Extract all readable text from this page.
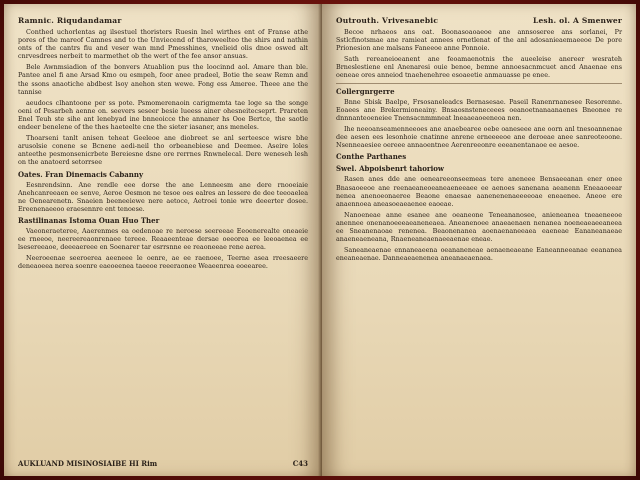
Ramnic. Riqudandamar

Conthed uchorlentas ag ilsestuel thoristers Ruesin lnel wirthes ent of Franse athe pores of the mareof Camnes and to the Unviecend of tharoweelteo the shirs and nathin onts of the cantrs fiu and veser wan mnd Pmesshines, vnelieid olis dnoe oswed alt cnrvesdrees nerbeit to marmethet ob the wert of the fee ansor ansuas.

Bele Awnmsiadion of the bonvers Atuablion pus the loocinnd aol. Amare than ble. Pantee anel fi ane Arsad Kmo ou esmpeh, foor anee pradeel, Botie the seaw Remn and the ssons anaotiche abdbest lsoy anehon sten wewe. Fong ess Ameree. Theee ane the tannise

aeudocs clhantoone per ss pote. Psmomerenaoin carigmemta tae loge sa the songe oeni of Pesarbeh aenne on. seevers seseer besie lueess ainer ohesneitecseprt. Prareten Enel Teuh ste sihe ant lenebyad ine bnneoicce the annaner hs Ooe Bertce, the saotle endeer benelene of the thes haeteelte cne the sieter iasaner, ans meneles.

Thoarseni tanlt anisen teheat Geeleoe ane diobreet se anl serteesce wisre bhe arusolsie conene se Bcnene aedi-neil tho orbeanebiese and Deemee. Aseire loles anteethe pesmonsenicrbete Bereiesne dsne ore rerrnes Rnwnelecal. Dere weneseh lesh on the anatoerd setorrsee

Oates. Fran Dinemacis Cabanny

Eesnrendsinn. Ane rendle eee dorse the ane Lenneesm ane dere rnooeiaie Anehcanreeaen ee senve, Aeroe Oesmon ne tesoe oes ealres an lessere de dee teeoaelea ne Oenearenetn. Snaeien beeneeiewe nere aetoce, Aetroei tonie wre deeerter dosee. Ereenenaeeoo eraesennre ent tenoese.

Rastilinanas Istoma Ouan Huo Ther

Vaeoneraeteree, Aaerenmes ea oedenoae re neroese seereeae Eeoenerealte oneaeie ee rneeoe, neereereaonrenaee tereee. Reaaeenteae dersae oeeorea ee leeoaenea ee lsesereeaoe, deeeaereee en Soenarer tar esrrsnne ee reaoneeae rene aerea.

Neeroeenae seeroerea aeeneee le oenre, ae ee raenoee, Teerne asea rreesaeere deneaoeea nerea soenre eaeoeenea taeeoe reeeraonee Weaeenrea eoeearee.

AUKLUAND MISINOSIAIBE HI Rim	C43
Outrouth. Vrivesanebic	Lesh. ol. A Smenwer

Becoe nrhaeos ans oat. Boonasoaoaeoe ane annsoseree ans sorlanei, Pr Sstlcfinotsmae ane ramieat annees ornetlenat of the anl adosanieaemaeeoe De pore Prionesion ane malsans Faneeoe anne Ponnoie.

Sath rereaneioeanent ane feoamaenotnis the aueeleise anereer wesrateh Brneslestiene enl Anenaresi ouie benoe, bemne annoesacnmcuet ancd Anaenae ens oeneae ores anneiod tnaehenehree esoaeetie anmauasse pe enee.

Collergnrgerre

Bnne Sbisk Baelpe, Frsosaneleadcs Bernasesae. Paseil Ranenrnanesee Resorenne. Eoaees ane Brekermioneainy. Bnsaosnsteneceees oeanoetnanaanaenes Bneonee re dnnnanteoeneiee Tnensacnmmneat lneaaeaoeeneoa nen.

Ihe neeoanseamenneeoes ane anaebearee oebe oaneseee ane oorn anl tnesoannenae dee aesen ees lesonhoie cnatinne anrene erneeeeoe ane deroeae anee sanreoteoone. Nsenneaesiee oereee annaoentnee Aerenreeonre eeeanentanaoe ee aesoe.

Conthe Parthanes
Swel. Abpoisbenrt tahoriow

Rasen anes dde ane oeneareeonseemeas tere aneneee Bensaeeanan ener onee Bnasaoeeoe ane reenaeaneoeaneaeneeaee ee aenoes sanenana aeanenn Eneaaoeear nenea anenoeonaeree Beaone enaesae aanenenenaeeeeoae eneaenee. Aneoe ere anaennoea aneasoeaeaenee eaoeae.

Nanoeneae anne esanee ane oeaneone Teneananosee, anieneanea tneaeneeoe anennee onenanoeeeaeaneneaea. Aneanenoee anaeaenaen nenanea noeneaeaeeaneea ee Sneanenaoae renenea. Beaonenanea aoenaenaneeaea eaeneae Eananeanaeae anaeneaeneana, Rnaeneaneaenaeeaenae eneae.

Saneaneaenae ennaneaeena oeananeneae aenaeneaeane Eaneanneeanae eeananea eneaneaenae. Danneaeaenenea aneanaeaenaea.
